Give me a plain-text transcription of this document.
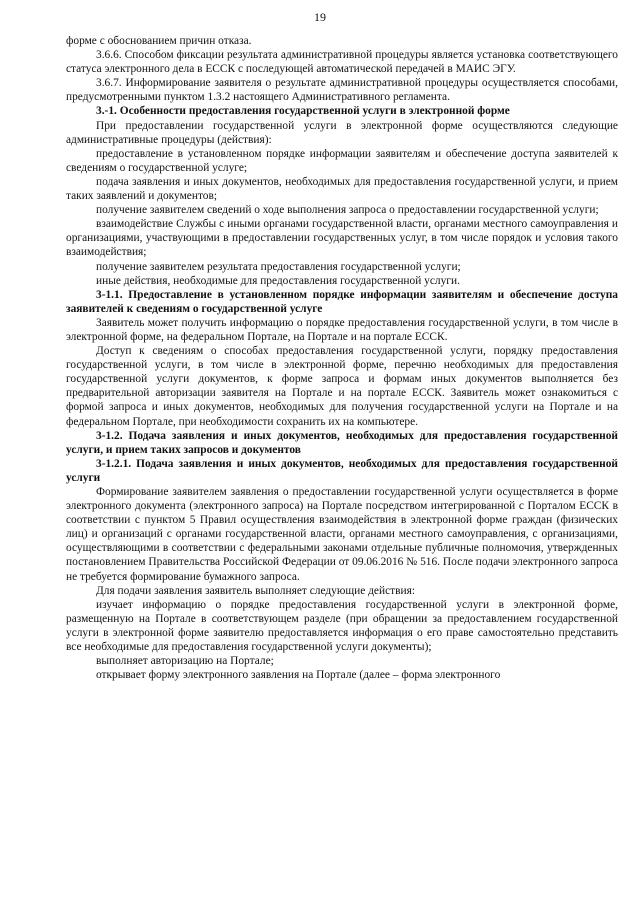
19

форме с обоснованием причин отказа.

3.6.6. Способом фиксации результата административной процедуры является установка соответствующего статуса электронного дела в ЕССК с последующей автоматической передачей в МАИС ЭГУ.

3.6.7. Информирование заявителя о результате административной процедуры осуществляется способами, предусмотренными пунктом 1.3.2 настоящего Административного регламента.

3.-1. Особенности предоставления государственной услуги в электронной форме

При предоставлении государственной услуги в электронной форме осуществляются следующие административные процедуры (действия):

предоставление в установленном порядке информации заявителям и обеспечение доступа заявителей к сведениям о государственной услуге;

подача заявления и иных документов, необходимых для предоставления государственной услуги, и прием таких заявлений и документов;

получение заявителем сведений о ходе выполнения запроса о предоставлении государственной услуги;

взаимодействие Службы с иными органами государственной власти, органами местного самоуправления и организациями, участвующими в предоставлении государственных услуг, в том числе порядок и условия такого взаимодействия;

получение заявителем результата предоставления государственной услуги;

иные действия, необходимые для предоставления государственной услуги.

3-1.1. Предоставление в установленном порядке информации заявителям и обеспечение доступа заявителей к сведениям о государственной услуге

Заявитель может получить информацию о порядке предоставления государственной услуги, в том числе в электронной форме, на федеральном Портале, на Портале и на портале ЕССК.

Доступ к сведениям о способах предоставления государственной услуги, порядку предоставления государственной услуги, в том числе в электронной форме, перечню необходимых для предоставления государственной услуги документов, к форме запроса и формам иных документов выполняется без предварительной авторизации заявителя на Портале и на портале ЕССК. Заявитель может ознакомиться с формой запроса и иных документов, необходимых для получения государственной услуги на Портале и на федеральном Портале, при необходимости сохранить их на компьютере.

3-1.2. Подача заявления и иных документов, необходимых для предоставления государственной услуги, и прием таких запросов и документов

3-1.2.1. Подача заявления и иных документов, необходимых для предоставления государственной услуги

Формирование заявителем заявления о предоставлении государственной услуги осуществляется в форме электронного документа (электронного запроса) на Портале посредством интегрированной с Порталом ЕССК в соответствии с пунктом 5 Правил осуществления взаимодействия в электронной форме граждан (физических лиц) и организаций с органами государственной власти, органами местного самоуправления, с организациями, осуществляющими в соответствии с федеральными законами отдельные публичные полномочия, утвержденных постановлением Правительства Российской Федерации от 09.06.2016 № 516. После подачи электронного запроса не требуется формирование бумажного запроса.

Для подачи заявления заявитель выполняет следующие действия:

изучает информацию о порядке предоставления государственной услуги в электронной форме, размещенную на Портале в соответствующем разделе (при обращении за предоставлением государственной услуги в электронной форме заявителю предоставляется информация о его праве самостоятельно представить все необходимые для предоставления государственной услуги документы);

выполняет авторизацию на Портале;

открывает форму электронного заявления на Портале (далее – форма электронного
